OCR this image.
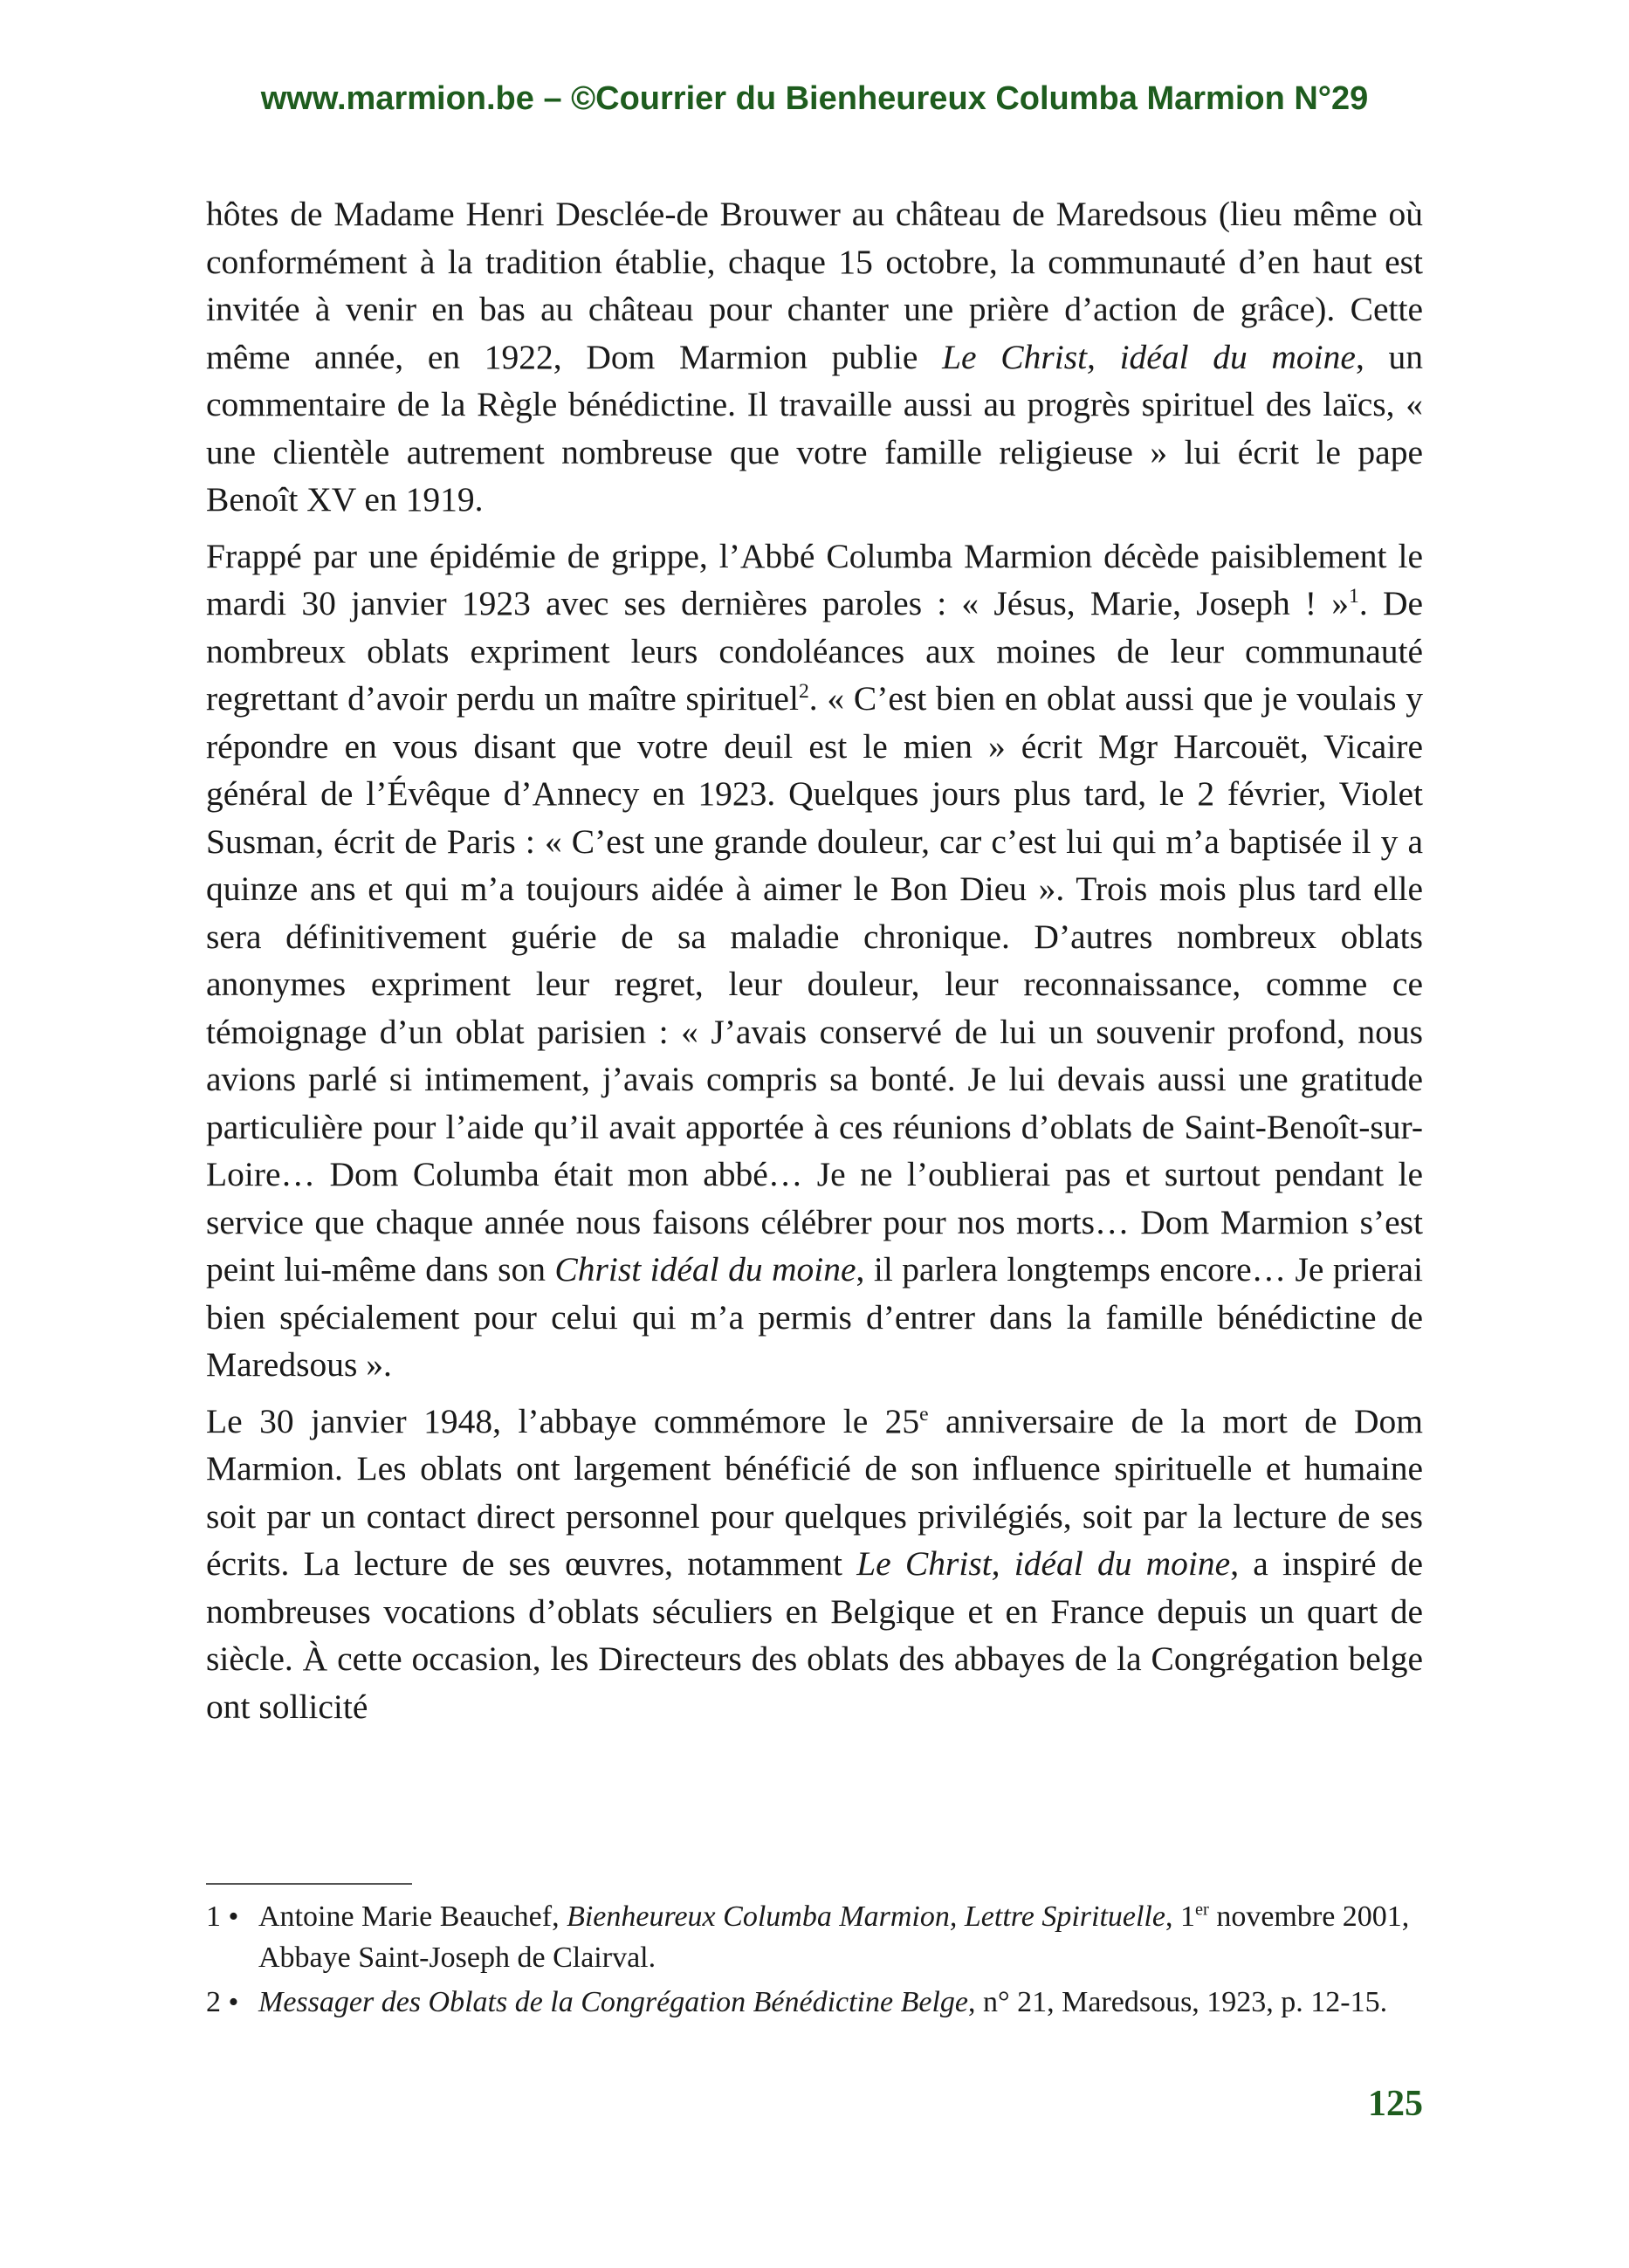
www.marmion.be – ©Courrier du Bienheureux Columba Marmion N°29

hôtes de Madame Henri Desclée-de Brouwer au château de Maredsous (lieu même où conformément à la tradition établie, chaque 15 octobre, la communauté d’en haut est invitée à venir en bas au château pour chanter une prière d’action de grâce). Cette même année, en 1922, Dom Marmion publie Le Christ, idéal du moine, un commentaire de la Règle bénédictine. Il travaille aussi au progrès spirituel des laïcs, « une clientèle autrement nombreuse que votre famille religieuse » lui écrit le pape Benoît XV en 1919.

Frappé par une épidémie de grippe, l’Abbé Columba Marmion décède paisiblement le mardi 30 janvier 1923 avec ses dernières paroles : « Jésus, Marie, Joseph ! »$^1$. De nombreux oblats expriment leurs condoléances aux moines de leur communauté regrettant d’avoir perdu un maître spirituel$^2$. « C’est bien en oblat aussi que je voulais y répondre en vous disant que votre deuil est le mien » écrit Mgr Harcouët, Vicaire général de l’Évêque d’Annecy en 1923. Quelques jours plus tard, le 2 février, Violet Susman, écrit de Paris : « C’est une grande douleur, car c’est lui qui m’a baptisée il y a quinze ans et qui m’a toujours aidée à aimer le Bon Dieu ». Trois mois plus tard elle sera définitivement guérie de sa maladie chronique. D’autres nombreux oblats anonymes expriment leur regret, leur douleur, leur reconnaissance, comme ce témoignage d’un oblat parisien : « J’avais conservé de lui un souvenir profond, nous avions parlé si intimement, j’avais compris sa bonté. Je lui devais aussi une gratitude particulière pour l’aide qu’il avait apportée à ces réunions d’oblats de Saint-Benoît-sur-Loire… Dom Columba était mon abbé… Je ne l’oublierai pas et surtout pendant le service que chaque année nous faisons célébrer pour nos morts… Dom Marmion s’est peint lui-même dans son Christ idéal du moine, il parlera longtemps encore… Je prierai bien spécialement pour celui qui m’a permis d’entrer dans la famille bénédictine de Maredsous ».

Le 30 janvier 1948, l’abbaye commémore le 25e anniversaire de la mort de Dom Marmion. Les oblats ont largement bénéficié de son influence spirituelle et humaine soit par un contact direct personnel pour quelques privilégiés, soit par la lecture de ses écrits. La lecture de ses œuvres, notamment Le Christ, idéal du moine, a inspiré de nombreuses vocations d’oblats séculiers en Belgique et en France depuis un quart de siècle. À cette occasion, les Directeurs des oblats des abbayes de la Congrégation belge ont sollicité

1 • Antoine Marie Beauchef, Bienheureux Columba Marmion, Lettre Spirituelle, 1er novembre 2001, Abbaye Saint-Joseph de Clairval.
2 • Messager des Oblats de la Congrégation Bénédictine Belge, n° 21, Maredsous, 1923, p. 12-15.
125
